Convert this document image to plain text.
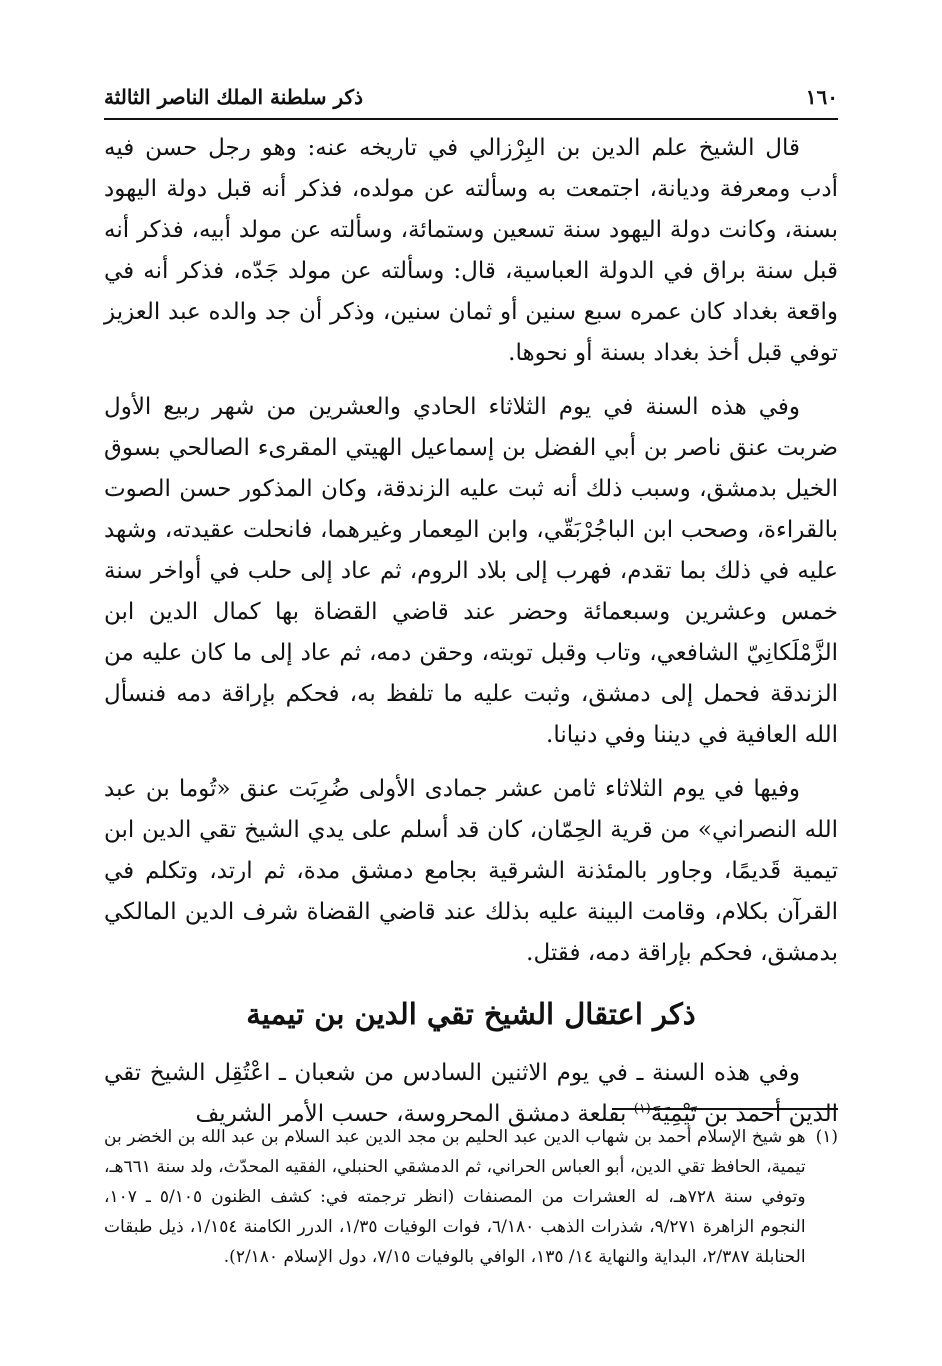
١٦٠
ذكر سلطنة الملك الناصر الثالثة

قال الشيخ علم الدين بن البِرْزالي في تاريخه عنه: وهو رجل حسن فيه أدب ومعرفة وديانة، اجتمعت به وسألته عن مولده، فذكر أنه قبل دولة اليهود بسنة، وكانت دولة اليهود سنة تسعين وستمائة، وسألته عن مولد أبيه، فذكر أنه قبل سنة براق في الدولة العباسية، قال: وسألته عن مولد جَدّه، فذكر أنه في واقعة بغداد كان عمره سبع سنين أو ثمان سنين، وذكر أن جد والده عبد العزيز توفي قبل أخذ بغداد بسنة أو نحوها.

وفي هذه السنة في يوم الثلاثاء الحادي والعشرين من شهر ربيع الأول ضربت عنق ناصر بن أبي الفضل بن إسماعيل الهيتي المقرىء الصالحي بسوق الخيل بدمشق، وسبب ذلك أنه ثبت عليه الزندقة، وكان المذكور حسن الصوت بالقراءة، وصحب ابن الباجُرْبَقّي، وابن المِعمار وغيرهما، فانحلت عقيدته، وشهد عليه في ذلك بما تقدم، فهرب إلى بلاد الروم، ثم عاد إلى حلب في أواخر سنة خمس وعشرين وسبعمائة وحضر عند قاضي القضاة بها كمال الدين ابن الزَّمْلَكانِيّ الشافعي، وتاب وقبل توبته، وحقن دمه، ثم عاد إلى ما كان عليه من الزندقة فحمل إلى دمشق، وثبت عليه ما تلفظ به، فحكم بإراقة دمه فنسأل الله العافية في ديننا وفي دنيانا.

وفيها في يوم الثلاثاء ثامن عشر جمادى الأولى ضُرِبَت عنق «تُوما بن عبد الله النصراني» من قرية الحِمّان، كان قد أسلم على يدي الشيخ تقي الدين ابن تيمية قَديمًا، وجاور بالمئذنة الشرقية بجامع دمشق مدة، ثم ارتد، وتكلم في القرآن بكلام، وقامت البينة عليه بذلك عند قاضي القضاة شرف الدين المالكي بدمشق، فحكم بإراقة دمه، فقتل.

ذكر اعتقال الشيخ تقي الدين بن تيمية

وفي هذه السنة ـ في يوم الاثنين السادس من شعبان ـ اعْتُقِل الشيخ تقي الدين أحمد بن تَيْمِيَةَ$^{(١)}$ بقلعة دمشق المحروسة، حسب الأمر الشريف

(١)
هو شيخ الإسلام أحمد بن شهاب الدين عبد الحليم بن مجد الدين عبد السلام بن عبد الله بن الخضر بن تيمية، الحافظ تقي الدين، أبو العباس الحراني، ثم الدمشقي الحنبلي، الفقيه المحدّث، ولد سنة ٦٦١هـ، وتوفي سنة ٧٢٨هـ، له العشرات من المصنفات (انظر ترجمته في: كشف الظنون ٥/١٠٥ ـ ١٠٧، النجوم الزاهرة ٩/٢٧١، شذرات الذهب ٦/١٨٠، فوات الوفيات ١/٣٥، الدرر الكامنة ١/١٥٤، ذيل طبقات الحنابلة ٢/٣٨٧، البداية والنهاية ١٤/ ١٣٥، الوافي بالوفيات ٧/١٥، دول الإسلام ٢/١٨٠).
